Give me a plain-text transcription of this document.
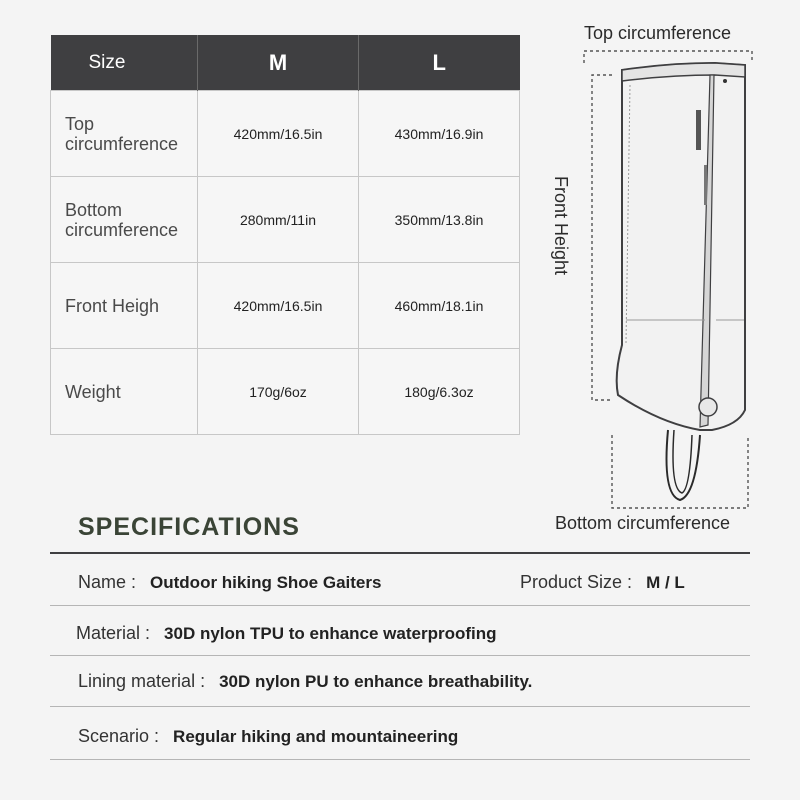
Size	M	L
Top circumference	420mm/16.5in	430mm/16.9in
Bottom circumference	280mm/11in	350mm/13.8in
Front Heigh	420mm/16.5in	460mm/18.1in
Weight	170g/6oz	180g/6.3oz
Top circumference
Front Height
Bottom circumference
SPECIFICATIONS
Name : Outdoor hiking Shoe Gaiters	Product Size : M / L
Material : 30D nylon TPU to enhance waterproofing
Lining material : 30D nylon PU to enhance breathability.
Scenario : Regular hiking and mountaineering
